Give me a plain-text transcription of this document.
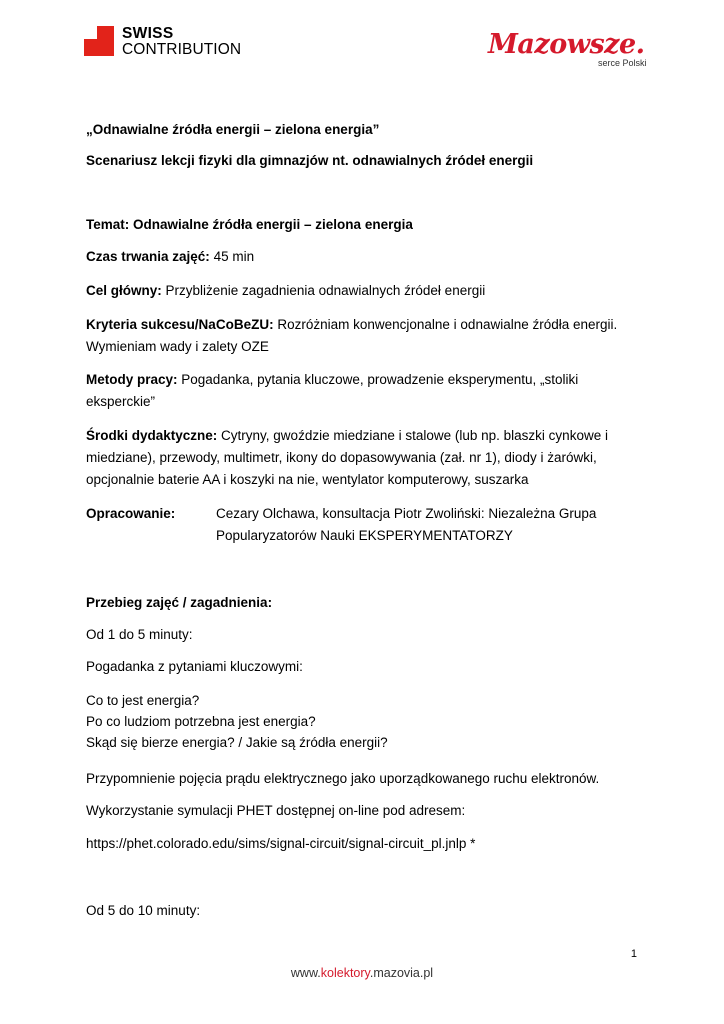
SWISS
CONTRIBUTION	Mazowsze.
serce Polski
„Odnawialne źródła energii – zielona energia”
Scenariusz lekcji fizyki dla gimnazjów nt. odnawialnych źródeł energii
Temat: Odnawialne źródła energii – zielona energia
Czas trwania zajęć: 45 min
Cel główny: Przybliżenie zagadnienia odnawialnych źródeł energii
Kryteria sukcesu/NaCoBeZU: Rozróżniam konwencjonalne i odnawialne źródła energii.
Wymieniam wady i zalety OZE
Metody pracy: Pogadanka, pytania kluczowe, prowadzenie eksperymentu, „stoliki
eksperckie”
Środki dydaktyczne: Cytryny, gwoździe miedziane i stalowe (lub np. blaszki cynkowe i
miedziane), przewody, multimetr, ikony do dopasowywania (zał. nr 1), diody i żarówki,
opcjonalnie baterie AA i koszyki na nie, wentylator komputerowy, suszarka
Opracowanie:	Cezary Olchawa, konsultacja Piotr Zwoliński: Niezależna Grupa
Popularyzatorów Nauki EKSPERYMENTATORZY
Przebieg zajęć / zagadnienia:
Od 1 do 5 minuty:
Pogadanka z pytaniami kluczowymi:
Co to jest energia?
Po co ludziom potrzebna jest energia?
Skąd się bierze energia? / Jakie są źródła energii?
Przypomnienie pojęcia prądu elektrycznego jako uporządkowanego ruchu elektronów.
Wykorzystanie symulacji PHET dostępnej on-line pod adresem:
https://phet.colorado.edu/sims/signal-circuit/signal-circuit_pl.jnlp *
Od 5 do 10 minuty:
1
www.kolektory.mazovia.pl
